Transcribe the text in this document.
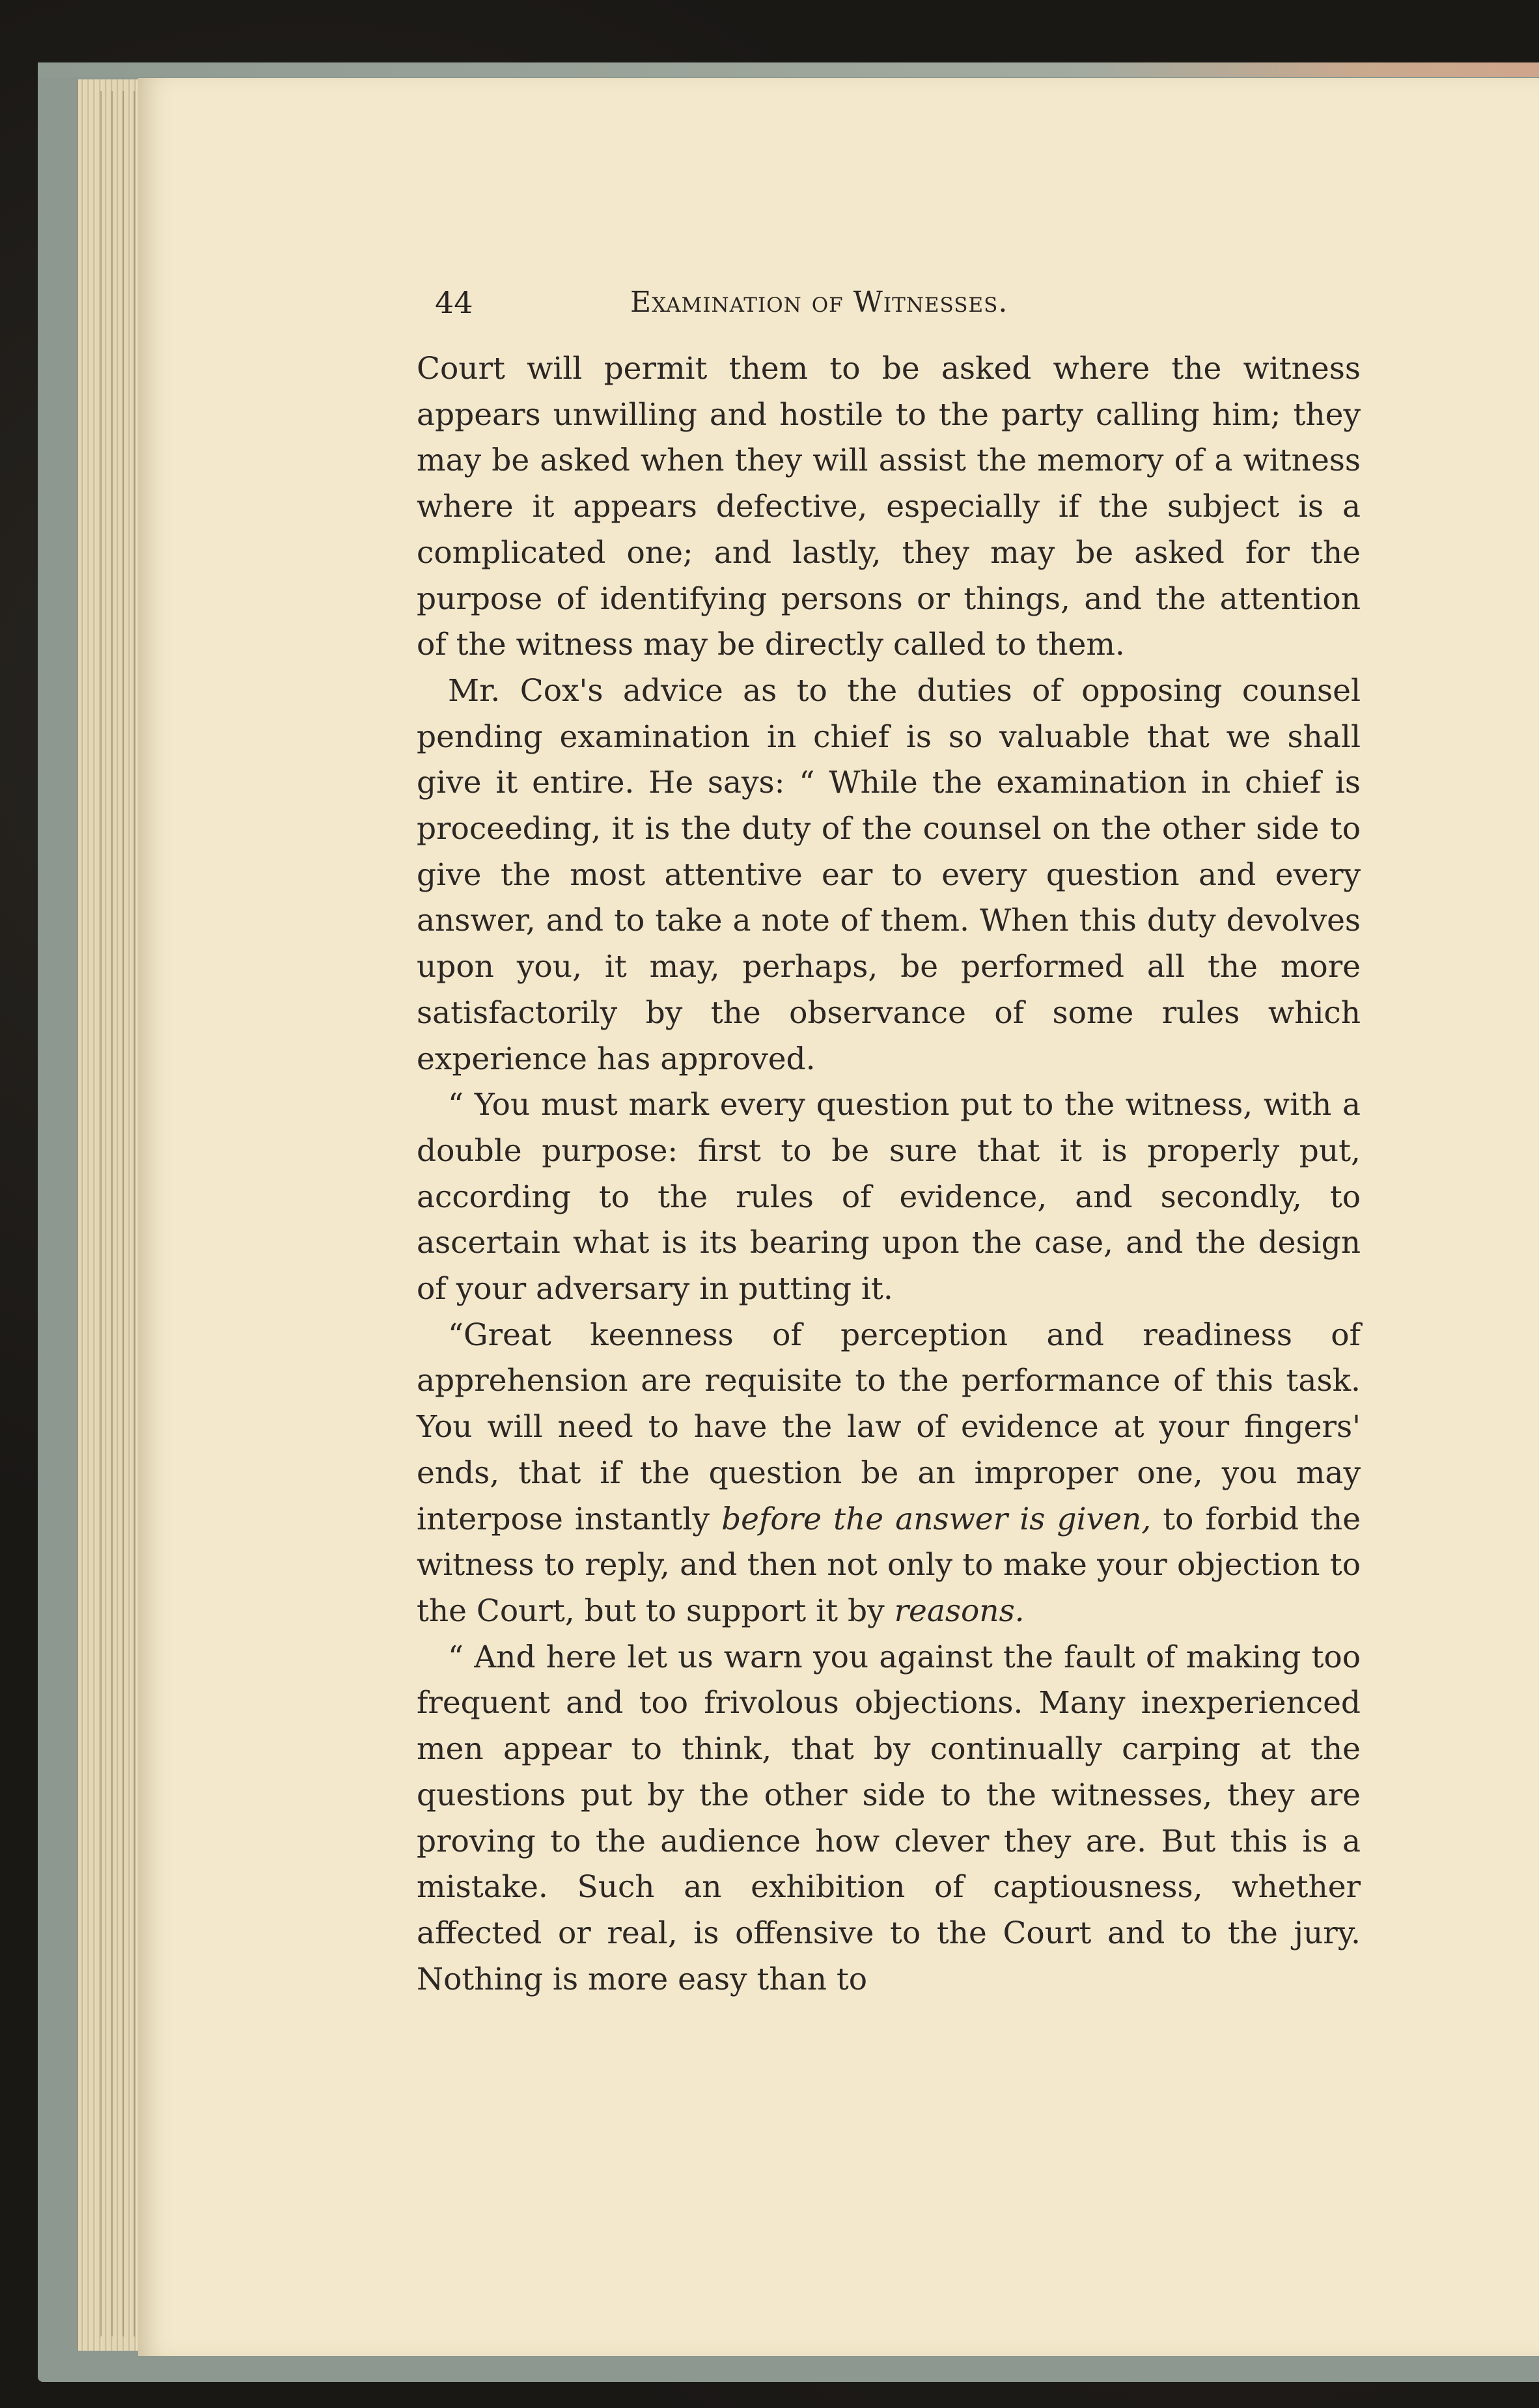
44	Examination of Witnesses.

Court will permit them to be asked where the witness appears unwilling and hostile to the party calling him; they may be asked when they will assist the memory of a witness where it appears defective, especially if the subject is a complicated one; and lastly, they may be asked for the purpose of identifying persons or things, and the attention of the witness may be directly called to them.

Mr. Cox's advice as to the duties of opposing counsel pending examination in chief is so valuable that we shall give it entire. He says: “ While the examination in chief is proceeding, it is the duty of the counsel on the other side to give the most attentive ear to every question and every answer, and to take a note of them. When this duty devolves upon you, it may, perhaps, be performed all the more satisfactorily by the observance of some rules which experience has approved.

“ You must mark every question put to the witness, with a double purpose: first to be sure that it is properly put, according to the rules of evidence, and secondly, to ascertain what is its bearing upon the case, and the design of your adversary in putting it.

“Great keenness of perception and readiness of apprehension are requisite to the performance of this task. You will need to have the law of evidence at your fingers' ends, that if the question be an improper one, you may interpose instantly before the answer is given, to forbid the witness to reply, and then not only to make your objection to the Court, but to support it by reasons.

“ And here let us warn you against the fault of making too frequent and too frivolous objections. Many inexperienced men appear to think, that by continually carping at the questions put by the other side to the witnesses, they are proving to the audience how clever they are. But this is a mistake. Such an exhibition of captiousness, whether affected or real, is offensive to the Court and to the jury. Nothing is more easy than to
